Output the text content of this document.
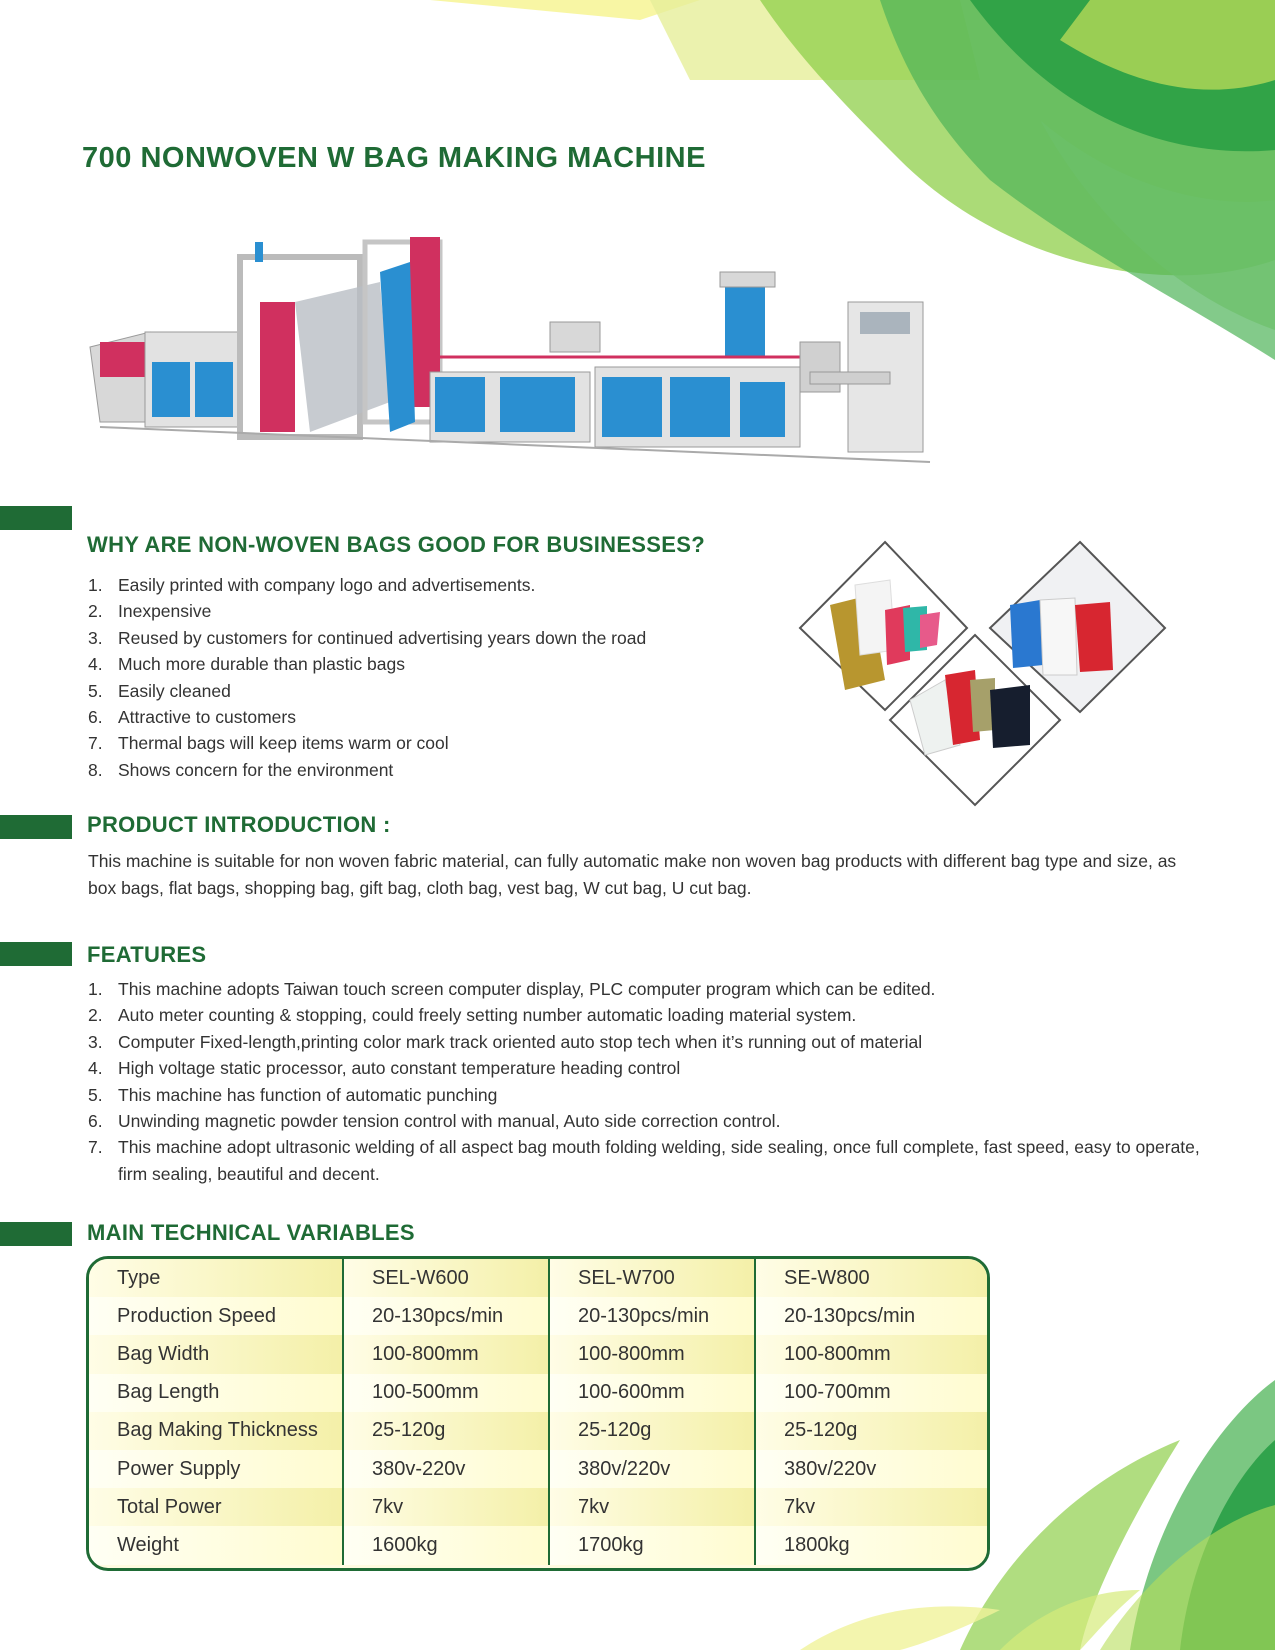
700 NONWOVEN W BAG MAKING MACHINE
WHY ARE NON-WOVEN BAGS GOOD FOR BUSINESSES?
1. Easily printed with company logo and advertisements.
2. Inexpensive
3. Reused by customers for continued advertising years down the road
4. Much more durable than plastic bags
5. Easily cleaned
6. Attractive to customers
7. Thermal bags will keep items warm or cool
8. Shows concern for the environment
PRODUCT INTRODUCTION :

This machine is suitable for non woven fabric material, can fully automatic make non woven bag products with different bag type and size, as box bags, flat bags, shopping bag, gift bag, cloth bag, vest bag, W cut bag, U cut bag.

FEATURES
1. This machine adopts Taiwan touch screen computer display, PLC computer program which can be edited.
2. Auto meter counting & stopping, could freely setting number automatic loading material system.
3. Computer Fixed-length,printing color mark track oriented auto stop tech when it’s running out of material
4. High voltage static processor, auto constant temperature heading control
5. This machine has function of automatic punching
6. Unwinding magnetic powder tension control with manual, Auto side correction control.
7. This machine adopt ultrasonic welding of all aspect bag mouth folding welding, side sealing, once full complete, fast speed, easy to operate, firm sealing, beautiful and decent.
MAIN TECHNICAL VARIABLES
Type	SEL-W600	SEL-W700	SE-W800
Production Speed	20-130pcs/min	20-130pcs/min	20-130pcs/min
Bag Width	100-800mm	100-800mm	100-800mm
Bag Length	100-500mm	100-600mm	100-700mm
Bag Making Thickness	25-120g	25-120g	25-120g
Power Supply	380v-220v	380v/220v	380v/220v
Total Power	7kv	7kv	7kv
Weight	1600kg	1700kg	1800kg
